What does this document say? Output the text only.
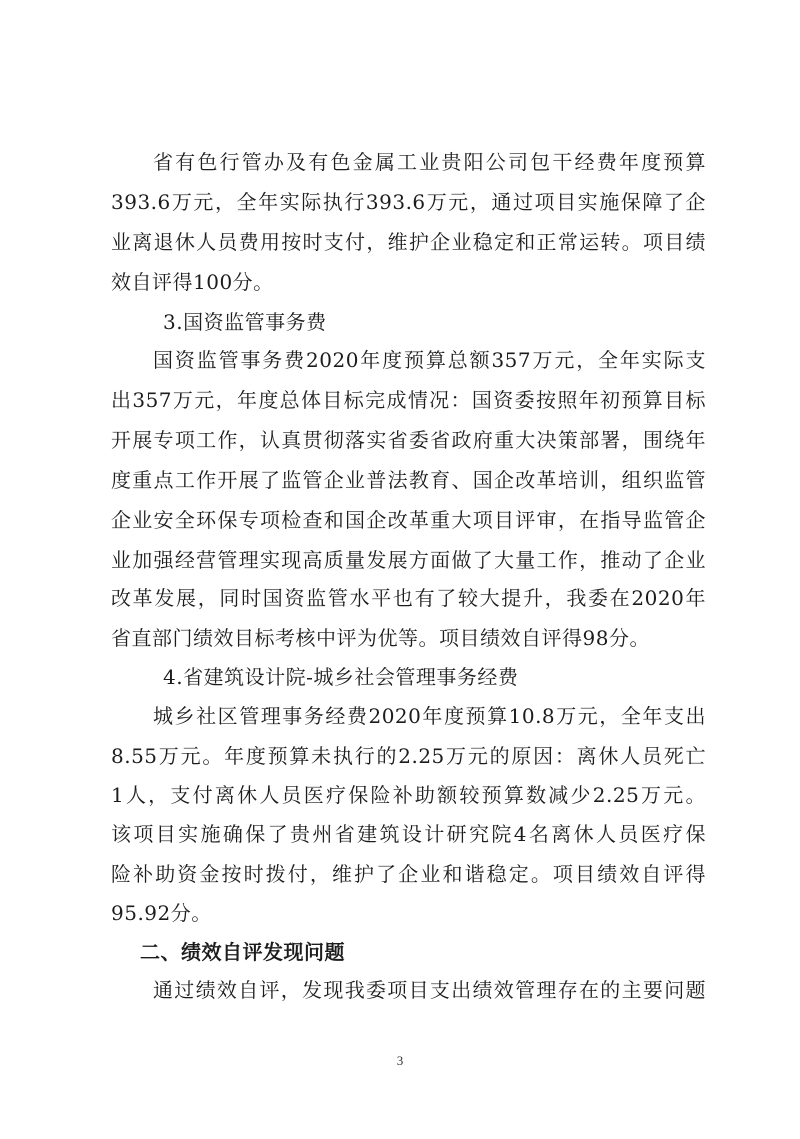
省有色行管办及有色金属工业贵阳公司包干经费年度预算
393.6万元，全年实际执行393.6万元，通过项目实施保障了企
业离退休人员费用按时支付，维护企业稳定和正常运转。项目绩
效自评得100分。
3.国资监管事务费
国资监管事务费2020年度预算总额357万元，全年实际支
出357万元，年度总体目标完成情况：国资委按照年初预算目标
开展专项工作，认真贯彻落实省委省政府重大决策部署，围绕年
度重点工作开展了监管企业普法教育、国企改革培训，组织监管
企业安全环保专项检查和国企改革重大项目评审，在指导监管企
业加强经营管理实现高质量发展方面做了大量工作，推动了企业
改革发展，同时国资监管水平也有了较大提升，我委在2020年
省直部门绩效目标考核中评为优等。项目绩效自评得98分。
4.省建筑设计院-城乡社会管理事务经费
城乡社区管理事务经费2020年度预算10.8万元，全年支出
8.55万元。年度预算未执行的2.25万元的原因：离休人员死亡
1人，支付离休人员医疗保险补助额较预算数减少2.25万元。
该项目实施确保了贵州省建筑设计研究院4名离休人员医疗保
险补助资金按时拨付，维护了企业和谐稳定。项目绩效自评得
95.92分。
二、绩效自评发现问题
通过绩效自评，发现我委项目支出绩效管理存在的主要问题
3
